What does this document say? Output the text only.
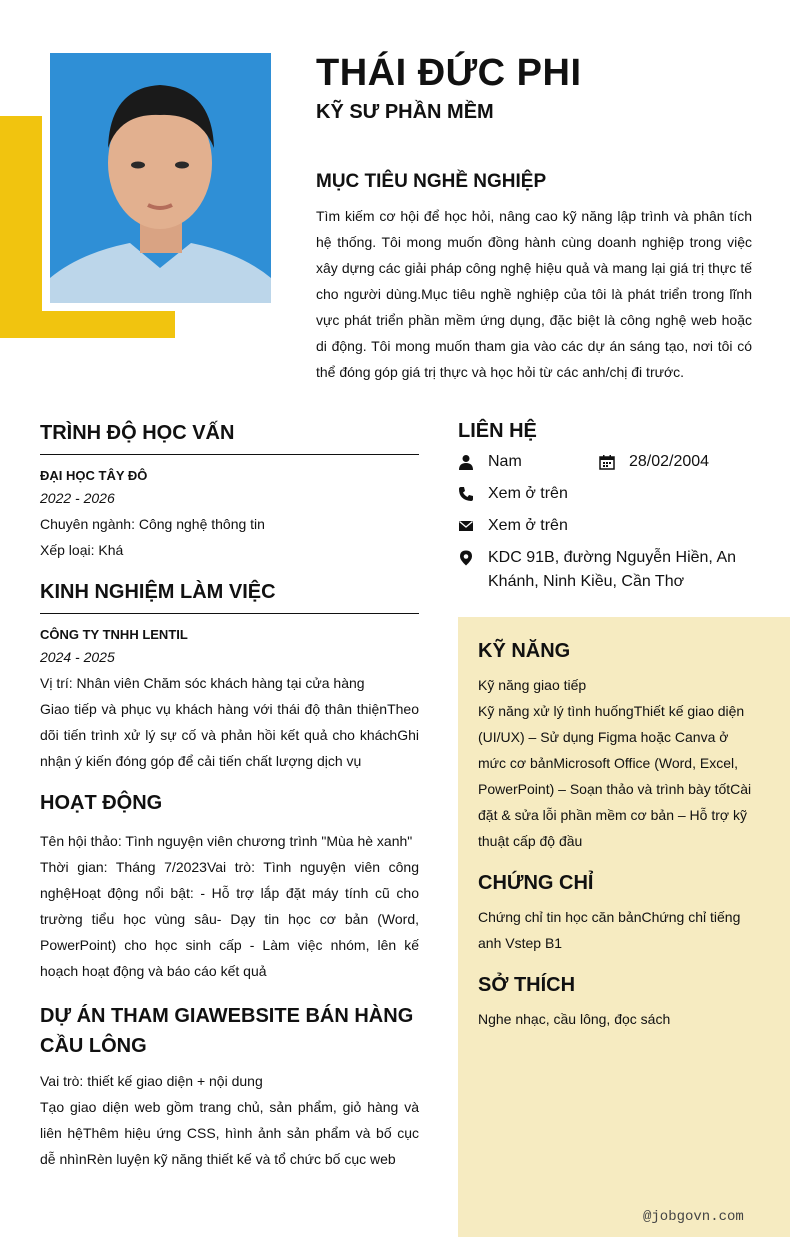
THÁI ĐỨC PHI
KỸ SƯ PHẦN MỀM
MỤC TIÊU NGHỀ NGHIỆP
Tìm kiếm cơ hội để học hỏi, nâng cao kỹ năng lập trình và phân tích hệ thống. Tôi mong muốn đồng hành cùng doanh nghiệp trong việc xây dựng các giải pháp công nghệ hiệu quả và mang lại giá trị thực tế cho người dùng.Mục tiêu nghề nghiệp của tôi là phát triển trong lĩnh vực phát triển phần mềm ứng dụng, đặc biệt là công nghệ web hoặc di động. Tôi mong muốn tham gia vào các dự án sáng tạo, nơi tôi có thể đóng góp giá trị thực và học hỏi từ các anh/chị đi trước.
TRÌNH ĐỘ HỌC VẤN
ĐẠI HỌC TÂY ĐÔ
2022 - 2026
Chuyên ngành: Công nghệ thông tin
Xếp loại: Khá
KINH NGHIỆM LÀM VIỆC
CÔNG TY TNHH LENTIL
2024 - 2025
Vị trí: Nhân viên Chăm sóc khách hàng tại cửa hàng
Giao tiếp và phục vụ khách hàng với thái độ thân thiệnTheo dõi tiến trình xử lý sự cố và phản hồi kết quả cho kháchGhi nhận ý kiến đóng góp để cải tiến chất lượng dịch vụ
HOẠT ĐỘNG
Tên hội thảo: Tình nguyện viên chương trình "Mùa hè xanh"
Thời gian: Tháng 7/2023Vai trò: Tình nguyện viên công nghệHoạt động nổi bật: - Hỗ trợ lắp đặt máy tính cũ cho trường tiểu học vùng sâu- Dạy tin học cơ bản (Word, PowerPoint) cho học sinh cấp - Làm việc nhóm, lên kế hoạch hoạt động và báo cáo kết quả
DỰ ÁN THAM GIAWEBSITE BÁN HÀNG CẦU LÔNG
Vai trò: thiết kế giao diện + nội dung
Tạo giao diện web gồm trang chủ, sản phẩm, giỏ hàng và liên hệThêm hiệu ứng CSS, hình ảnh sản phẩm và bố cục dễ nhìnRèn luyện kỹ năng thiết kế và tổ chức bố cục web
LIÊN HỆ
Nam	28/02/2004
Xem ở trên
Xem ở trên
KDC 91B, đường Nguyễn Hiền, An Khánh, Ninh Kiều, Cần Thơ
KỸ NĂNG
Kỹ năng giao tiếp
Kỹ năng xử lý tình huốngThiết kế giao diện (UI/UX) – Sử dụng Figma hoặc Canva ở mức cơ bảnMicrosoft Office (Word, Excel, PowerPoint) – Soạn thảo và trình bày tốtCài đặt & sửa lỗi phần mềm cơ bản – Hỗ trợ kỹ thuật cấp độ đầu
CHỨNG CHỈ
Chứng chỉ tin học căn bảnChứng chỉ tiếng anh Vstep B1
SỞ THÍCH
Nghe nhạc, cầu lông, đọc sách
@jobgovn.com
